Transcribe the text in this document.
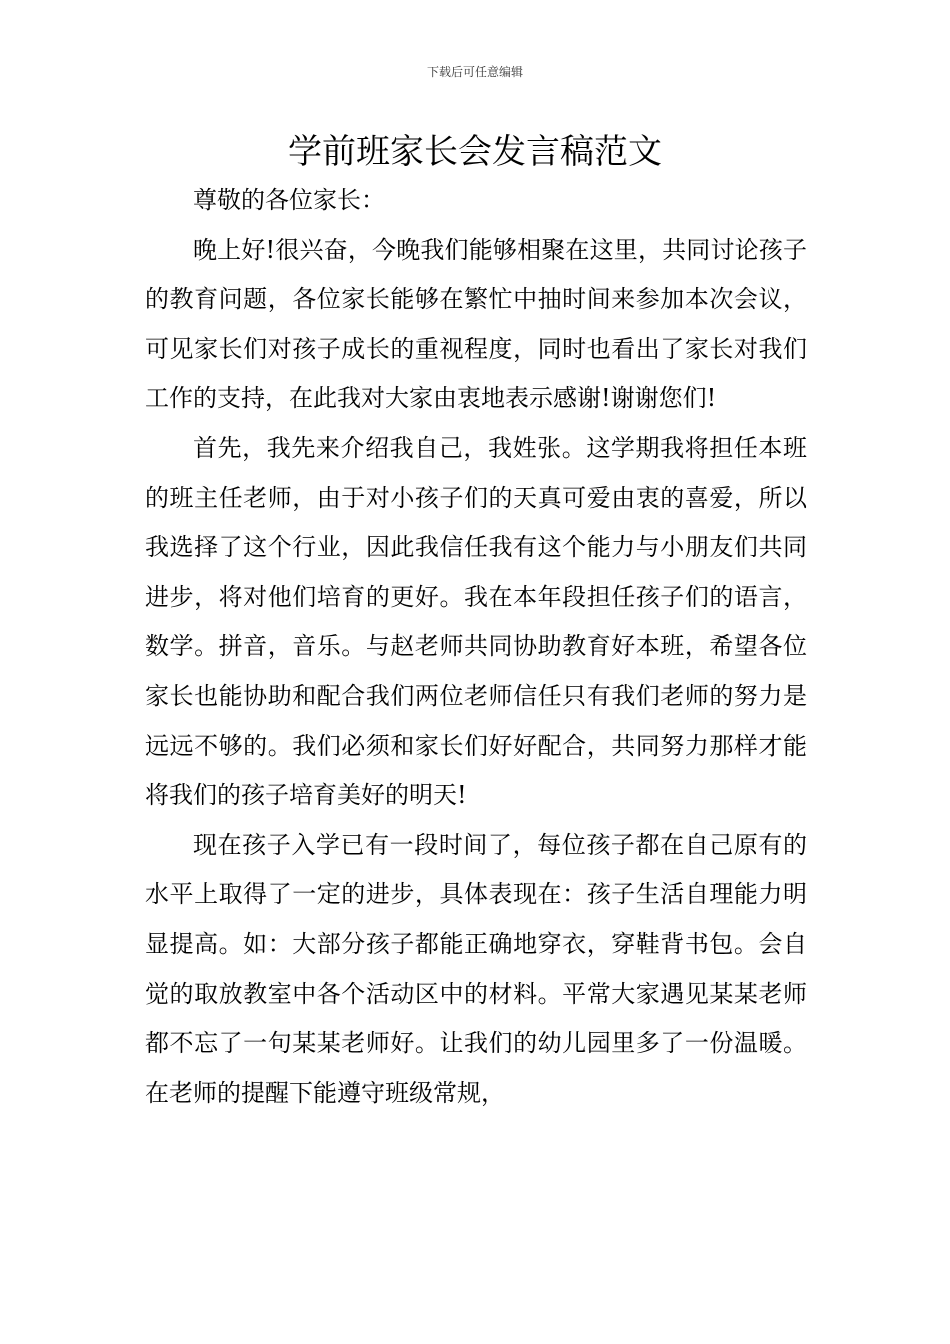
下载后可任意编辑
学前班家长会发言稿范文

尊敬的各位家长：

晚上好!很兴奋，今晚我们能够相聚在这里，共同讨论孩子的教育问题，各位家长能够在繁忙中抽时间来参加本次会议，可见家长们对孩子成长的重视程度，同时也看出了家长对我们工作的支持，在此我对大家由衷地表示感谢!谢谢您们!

首先，我先来介绍我自己，我姓张。这学期我将担任本班的班主任老师，由于对小孩子们的天真可爱由衷的喜爱，所以我选择了这个行业，因此我信任我有这个能力与小朋友们共同进步，将对他们培育的更好。我在本年段担任孩子们的语言，数学。拼音，音乐。与赵老师共同协助教育好本班，希望各位家长也能协助和配合我们两位老师信任只有我们老师的努力是远远不够的。我们必须和家长们好好配合，共同努力那样才能将我们的孩子培育美好的明天!

现在孩子入学已有一段时间了，每位孩子都在自己原有的水平上取得了一定的进步，具体表现在：孩子生活自理能力明显提高。如：大部分孩子都能正确地穿衣，穿鞋背书包。会自觉的取放教室中各个活动区中的材料。平常大家遇见某某老师都不忘了一句某某老师好。让我们的幼儿园里多了一份温暖。在老师的提醒下能遵守班级常规，
